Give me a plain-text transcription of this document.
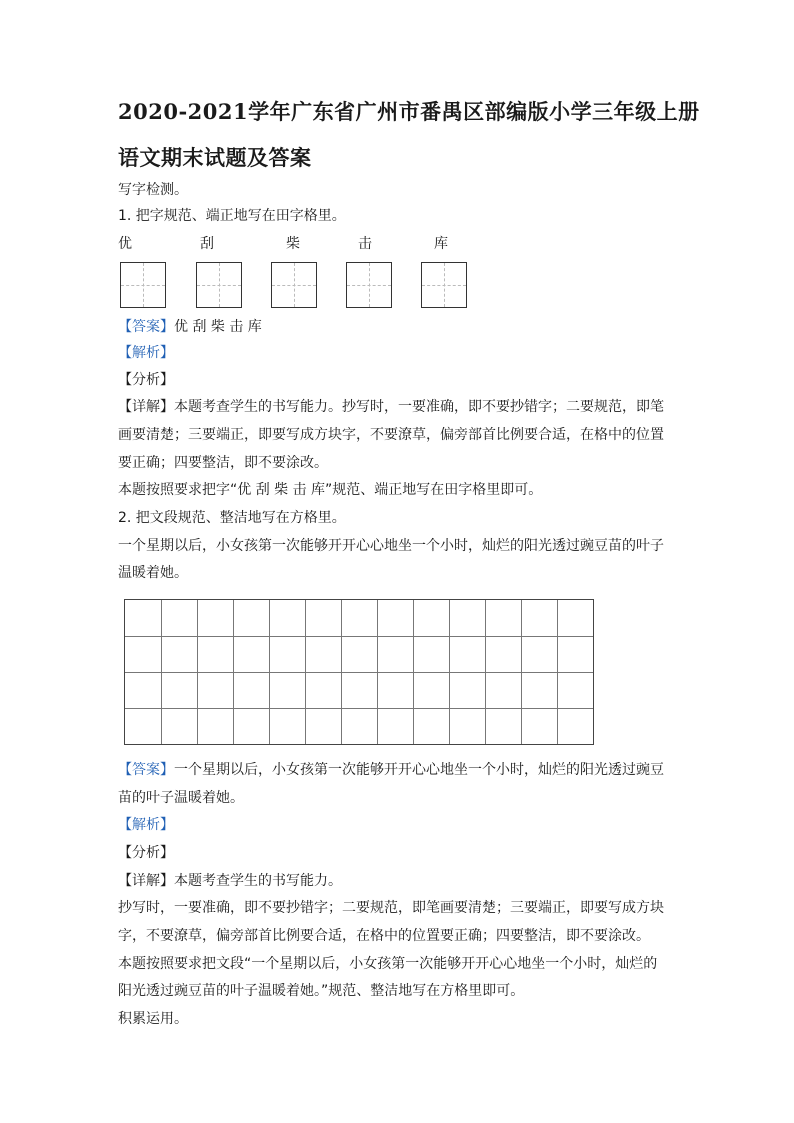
2020-2021学年广东省广州市番禺区部编版小学三年级上册
语文期末试题及答案
写字检测。
1. 把字规范、端正地写在田字格里。
优	刮	柴	击	库
【答案】优 刮 柴 击 库
【解析】
【分析】
【详解】本题考查学生的书写能力。抄写时，一要准确，即不要抄错字；二要规范，即笔
画要清楚；三要端正，即要写成方块字，不要潦草，偏旁部首比例要合适，在格中的位置
要正确；四要整洁，即不要涂改。
本题按照要求把字“优 刮 柴 击 库”规范、端正地写在田字格里即可。
2. 把文段规范、整洁地写在方格里。
一个星期以后，小女孩第一次能够开开心心地坐一个小时，灿烂的阳光透过豌豆苗的叶子
温暖着她。
【答案】一个星期以后，小女孩第一次能够开开心心地坐一个小时，灿烂的阳光透过豌豆
苗的叶子温暖着她。
【解析】
【分析】
【详解】本题考查学生的书写能力。
抄写时，一要准确，即不要抄错字；二要规范，即笔画要清楚；三要端正，即要写成方块
字，不要潦草，偏旁部首比例要合适，在格中的位置要正确；四要整洁，即不要涂改。
本题按照要求把文段“一个星期以后，小女孩第一次能够开开心心地坐一个小时，灿烂的
阳光透过豌豆苗的叶子温暖着她。”规范、整洁地写在方格里即可。
积累运用。
